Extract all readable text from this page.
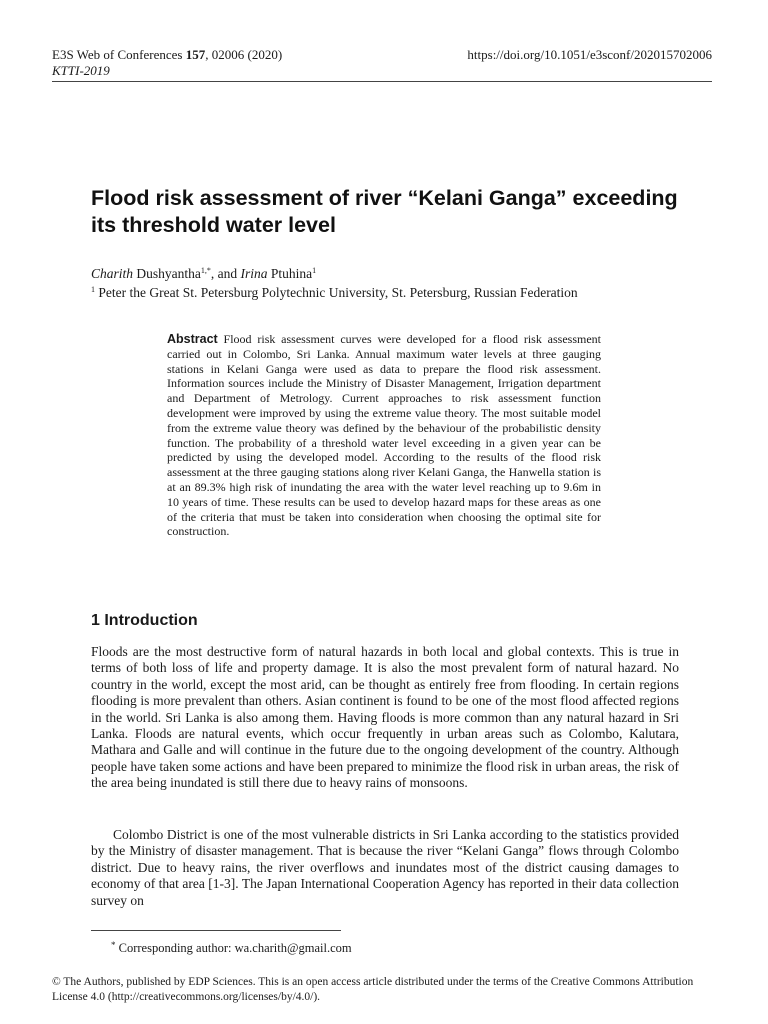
E3S Web of Conferences 157, 02006 (2020)
KTTI-2019
https://doi.org/10.1051/e3sconf/202015702006
Flood risk assessment of river “Kelani Ganga” exceeding its threshold water level
Charith Dushyantha$^{1,*}$, and Irina Ptuhina$^1$
$^1$ Peter the Great St. Petersburg Polytechnic University, St. Petersburg, Russian Federation
Abstract Flood risk assessment curves were developed for a flood risk assessment carried out in Colombo, Sri Lanka. Annual maximum water levels at three gauging stations in Kelani Ganga were used as data to prepare the flood risk assessment. Information sources include the Ministry of Disaster Management, Irrigation department and Department of Metrology. Current approaches to risk assessment function development were improved by using the extreme value theory. The most suitable model from the extreme value theory was defined by the behaviour of the probabilistic density function. The probability of a threshold water level exceeding in a given year can be predicted by using the developed model. According to the results of the flood risk assessment at the three gauging stations along river Kelani Ganga, the Hanwella station is at an 89.3% high risk of inundating the area with the water level reaching up to 9.6m in 10 years of time. These results can be used to develop hazard maps for these areas as one of the criteria that must be taken into consideration when choosing the optimal site for construction.
1 Introduction
Floods are the most destructive form of natural hazards in both local and global contexts. This is true in terms of both loss of life and property damage. It is also the most prevalent form of natural hazard. No country in the world, except the most arid, can be thought as entirely free from flooding. In certain regions flooding is more prevalent than others. Asian continent is found to be one of the most flood affected regions in the world. Sri Lanka is also among them. Having floods is more common than any natural hazard in Sri Lanka. Floods are natural events, which occur frequently in urban areas such as Colombo, Kalutara, Mathara and Galle and will continue in the future due to the ongoing development of the country. Although people have taken some actions and have been prepared to minimize the flood risk in urban areas, the risk of the area being inundated is still there due to heavy rains of monsoons.
Colombo District is one of the most vulnerable districts in Sri Lanka according to the statistics provided by the Ministry of disaster management. That is because the river “Kelani Ganga” flows through Colombo district. Due to heavy rains, the river overflows and inundates most of the district causing damages to economy of that area [1-3]. The Japan International Cooperation Agency has reported in their data collection survey on
* Corresponding author: wa.charith@gmail.com
© The Authors, published by EDP Sciences. This is an open access article distributed under the terms of the Creative Commons Attribution License 4.0 (http://creativecommons.org/licenses/by/4.0/).
